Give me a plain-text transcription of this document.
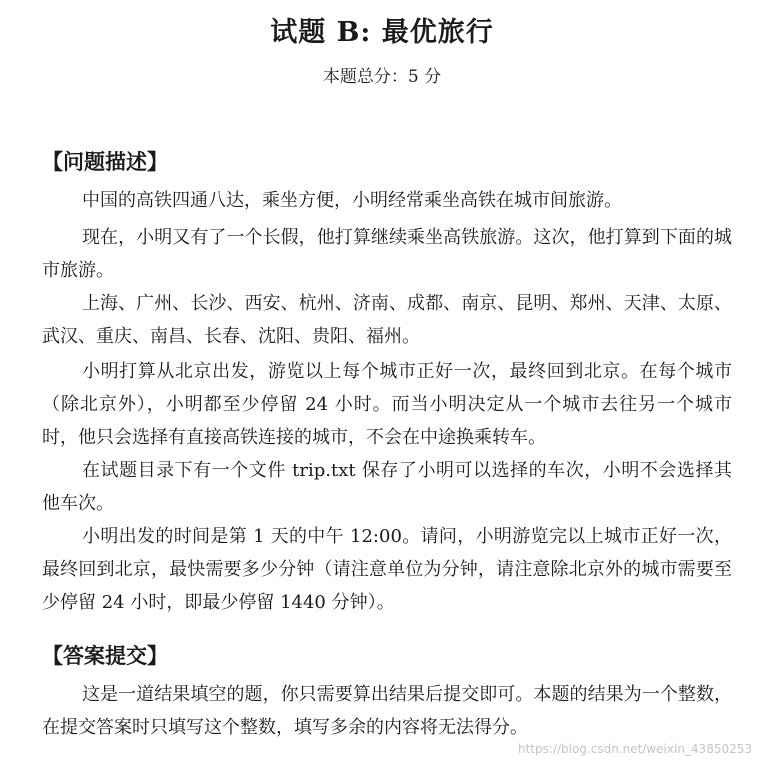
试题 B: 最优旅行
本题总分：5 分
【问题描述】
中国的高铁四通八达，乘坐方便，小明经常乘坐高铁在城市间旅游。
现在，小明又有了一个长假，他打算继续乘坐高铁旅游。这次，他打算到下面的城市旅游。
上海、广州、长沙、西安、杭州、济南、成都、南京、昆明、郑州、天津、太原、武汉、重庆、南昌、长春、沈阳、贵阳、福州。
小明打算从北京出发，游览以上每个城市正好一次，最终回到北京。在每个城市（除北京外），小明都至少停留 24 小时。而当小明决定从一个城市去往另一个城市时，他只会选择有直接高铁连接的城市，不会在中途换乘转车。
在试题目录下有一个文件 trip.txt 保存了小明可以选择的车次，小明不会选择其他车次。
小明出发的时间是第 1 天的中午 12:00。请问，小明游览完以上城市正好一次，最终回到北京，最快需要多少分钟（请注意单位为分钟，请注意除北京外的城市需要至少停留 24 小时，即最少停留 1440 分钟）。
【答案提交】
这是一道结果填空的题，你只需要算出结果后提交即可。本题的结果为一个整数，在提交答案时只填写这个整数，填写多余的内容将无法得分。
https://blog.csdn.net/weixin_43850253
